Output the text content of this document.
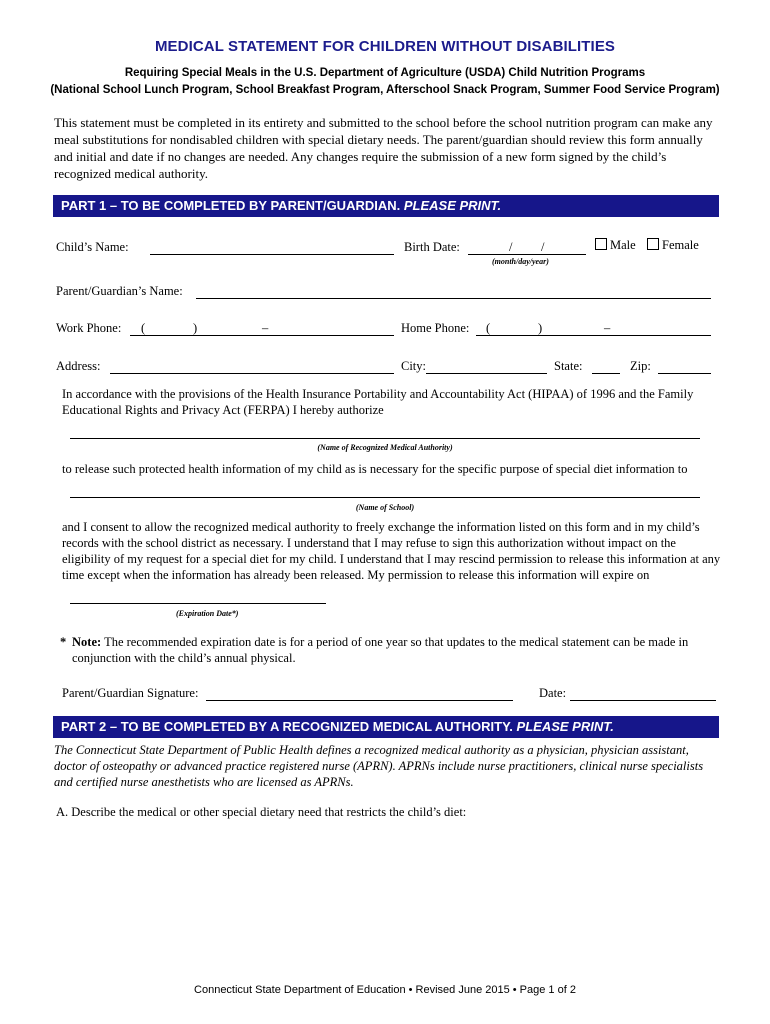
MEDICAL STATEMENT FOR CHILDREN WITHOUT DISABILITIES
Requiring Special Meals in the U.S. Department of Agriculture (USDA) Child Nutrition Programs
(National School Lunch Program, School Breakfast Program, Afterschool Snack Program, Summer Food Service Program)
This statement must be completed in its entirety and submitted to the school before the school nutrition program can make any meal substitutions for nondisabled children with special dietary needs. The parent/guardian should review this form annually and initial and date if no changes are needed. Any changes require the submission of a new form signed by the child’s recognized medical authority.
PART 1 – TO BE COMPLETED BY PARENT/GUARDIAN. PLEASE PRINT.
Child’s Name:	Birth Date:	/ /
(month/day/year)
Male	Female
Parent/Guardian’s Name:
Work Phone: (	)	–	Home Phone: (	)	–
Address:	City:	State:	Zip:
In accordance with the provisions of the Health Insurance Portability and Accountability Act (HIPAA) of 1996 and the Family Educational Rights and Privacy Act (FERPA) I hereby authorize
(Name of Recognized Medical Authority)
to release such protected health information of my child as is necessary for the specific purpose of special diet information to
(Name of School)
and I consent to allow the recognized medical authority to freely exchange the information listed on this form and in my child’s records with the school district as necessary. I understand that I may refuse to sign this authorization without impact on the eligibility of my request for a special diet for my child. I understand that I may rescind permission to release this information at any time except when the information has already been released. My permission to release this information will expire on
(Expiration Date*)
* Note: The recommended expiration date is for a period of one year so that updates to the medical statement can be made in conjunction with the child’s annual physical.
Parent/Guardian Signature:	Date:
PART 2 – TO BE COMPLETED BY A RECOGNIZED MEDICAL AUTHORITY. PLEASE PRINT.
The Connecticut State Department of Public Health defines a recognized medical authority as a physician, physician assistant, doctor of osteopathy or advanced practice registered nurse (APRN). APRNs include nurse practitioners, clinical nurse specialists and certified nurse anesthetists who are licensed as APRNs.
A. Describe the medical or other special dietary need that restricts the child’s diet:
Connecticut State Department of Education • Revised June 2015 • Page 1 of 2
